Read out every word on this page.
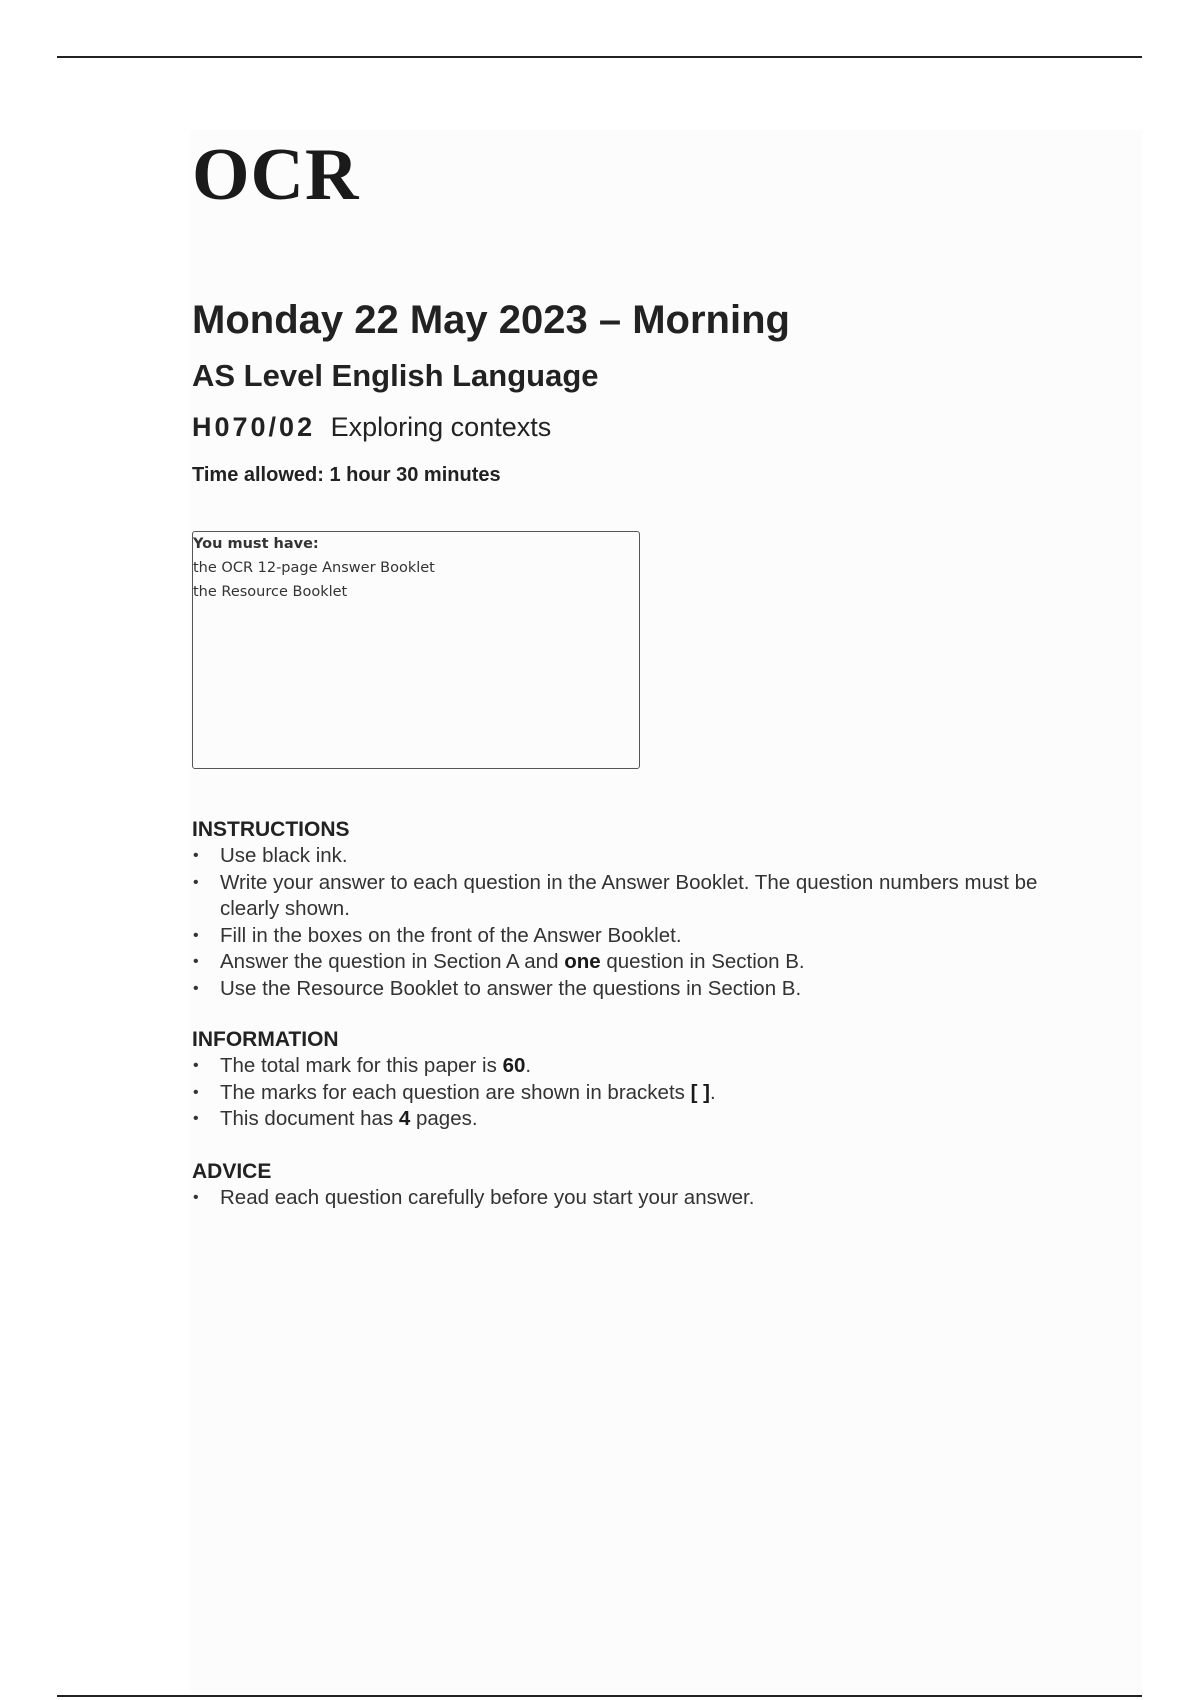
OCR
Monday 22 May 2023 – Morning
AS Level English Language
H070/02 Exploring contexts
Time allowed: 1 hour 30 minutes
You must have:
the OCR 12-page Answer Booklet
the Resource Booklet
INSTRUCTIONS
• Use black ink.
• Write your answer to each question in the Answer Booklet. The question numbers must be clearly shown.
• Fill in the boxes on the front of the Answer Booklet.
• Answer the question in Section A and one question in Section B.
• Use the Resource Booklet to answer the questions in Section B.
INFORMATION
• The total mark for this paper is 60.
• The marks for each question are shown in brackets [ ].
• This document has 4 pages.
ADVICE
• Read each question carefully before you start your answer.
